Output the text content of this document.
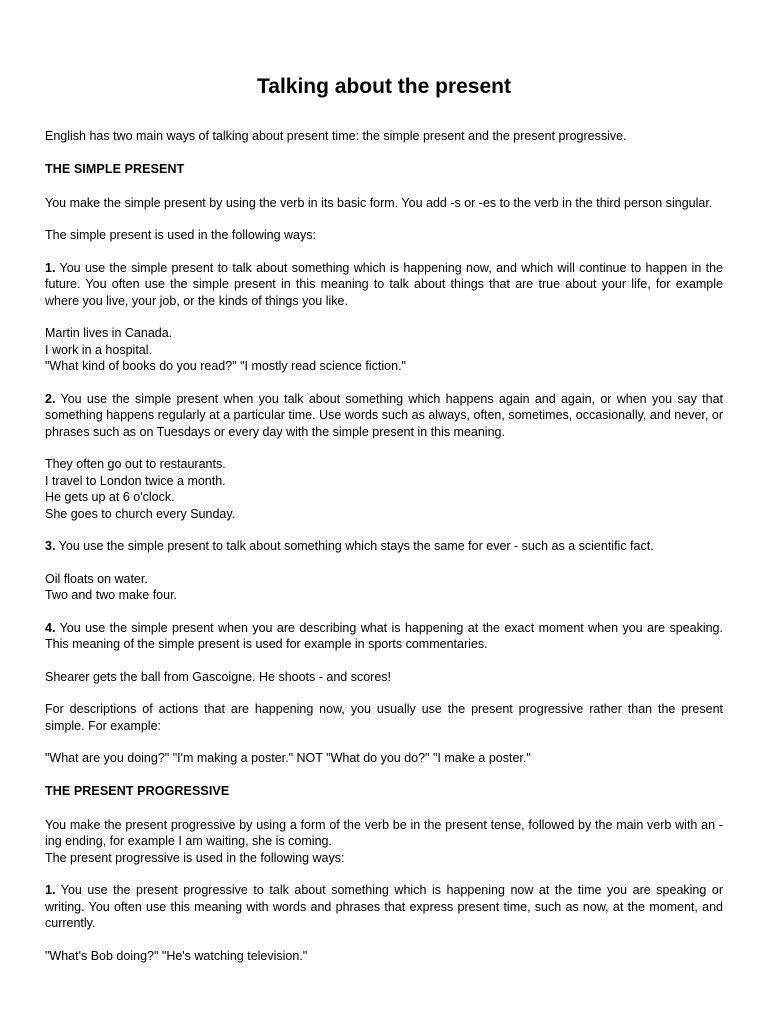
Talking about the present

English has two main ways of talking about present time: the simple present and the present progressive.

THE SIMPLE PRESENT

You make the simple present by using the verb in its basic form. You add -s or -es to the verb in the third person singular.

The simple present is used in the following ways:

1. You use the simple present to talk about something which is happening now, and which will continue to happen in the future. You often use the simple present in this meaning to talk about things that are true about your life, for example where you live, your job, or the kinds of things you like.

Martin lives in Canada.
I work in a hospital.
"What kind of books do you read?" "I mostly read science fiction."

2. You use the simple present when you talk about something which happens again and again, or when you say that something happens regularly at a particular time. Use words such as always, often, sometimes, occasionally, and never, or phrases such as on Tuesdays or every day with the simple present in this meaning.

They often go out to restaurants.
I travel to London twice a month.
He gets up at 6 o'clock.
She goes to church every Sunday.

3. You use the simple present to talk about something which stays the same for ever - such as a scientific fact.

Oil floats on water.
Two and two make four.

4. You use the simple present when you are describing what is happening at the exact moment when you are speaking. This meaning of the simple present is used for example in sports commentaries.

Shearer gets the ball from Gascoigne. He shoots - and scores!

For descriptions of actions that are happening now, you usually use the present progressive rather than the present simple. For example:

"What are you doing?" "I'm making a poster." NOT "What do you do?" "I make a poster."

THE PRESENT PROGRESSIVE

You make the present progressive by using a form of the verb be in the present tense, followed by the main verb with an -ing ending, for example I am waiting, she is coming.

The present progressive is used in the following ways:

1. You use the present progressive to talk about something which is happening now at the time you are speaking or writing. You often use this meaning with words and phrases that express present time, such as now, at the moment, and currently.

"What's Bob doing?" "He's watching television."
